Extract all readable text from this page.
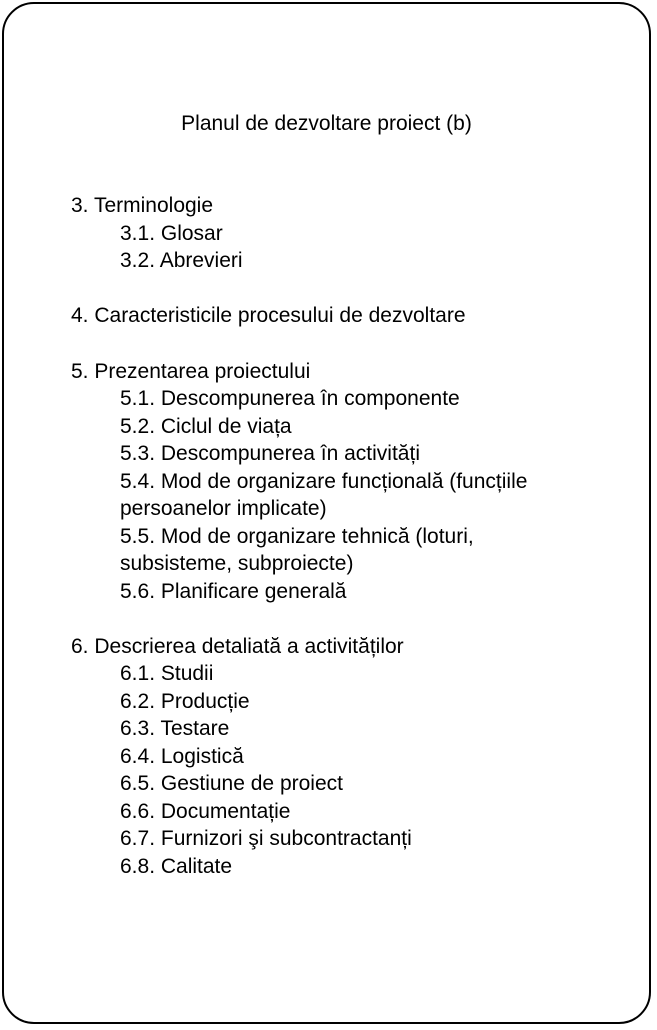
Planul de dezvoltare proiect (b)
3. Terminologie
3.1. Glosar
3.2. Abrevieri
4. Caracteristicile procesului de dezvoltare
5. Prezentarea proiectului
5.1. Descompunerea în componente
5.2. Ciclul de viața
5.3. Descompunerea în activități
5.4. Mod de organizare funcțională (funcțiile
persoanelor implicate)
5.5. Mod de organizare tehnică (loturi,
subsisteme, subproiecte)
5.6. Planificare generală
6. Descrierea detaliată a activităților
6.1. Studii
6.2. Producție
6.3. Testare
6.4. Logistică
6.5. Gestiune de proiect
6.6. Documentație
6.7. Furnizori şi subcontractanți
6.8. Calitate
